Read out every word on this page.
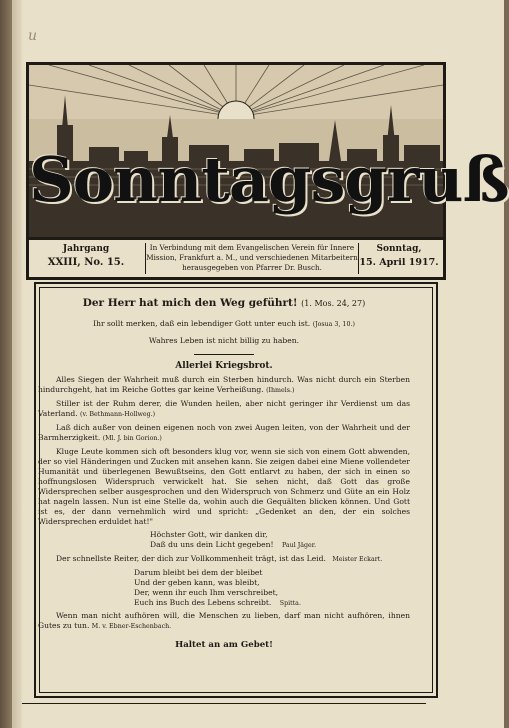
u
Sonntagsgruß
Jahrgang
XXIII, No. 15.
In Verbindung mit dem Evangelischen Verein für Innere
Mission, Frankfurt a. M., und verschiedenen Mitarbeitern
herausgegeben von Pfarrer Dr. Busch.
Sonntag,
15. April 1917.
Der Herr hat mich den Weg geführt! (1. Mos. 24, 27)
Ihr sollt merken, daß ein lebendiger Gott unter euch ist. (Josua 3, 10.)
Wahres Leben ist nicht billig zu haben.
Allerlei Kriegsbrot.

Alles Siegen der Wahrheit muß durch ein Sterben hindurch. Was nicht durch ein Sterben hindurchgeht, hat im Reiche Gottes gar keine Verheißung. (Ihmels.)

Stiller ist der Ruhm derer, die Wunden heilen, aber nicht geringer ihr Verdienst um das Vaterland. (v. Bethmann-Hollweg.)

Laß dich außer von deinen eigenen noch von zwei Augen leiten, von der Wahrheit und der Barmherzigkeit. (Ml. J. bin Gorion.)

Kluge Leute kommen sich oft besonders klug vor, wenn sie sich von einem Gott abwenden, der so viel Händeringen und Zucken mit ansehen kann. Sie zeigen dabei eine Miene vollendeter Humanität und überlegenen Bewußtseins, den Gott entlarvt zu haben, der sich in einen so hoffnungslosen Widerspruch verwickelt hat. Sie sehen nicht, daß Gott das große Widersprechen selber ausgesprochen und den Widerspruch von Schmerz und Güte an ein Holz hat nageln lassen. Nun ist eine Stelle da, wohin auch die Gequälten blicken können. Und Gott ist es, der dann vernehmlich wird und spricht: „Gedenket an den, der ein solches Widersprechen erduldet hat!"

Höchster Gott, wir danken dir,
Daß du uns dein Licht gegeben! Paul Jäger.

Der schnellste Reiter, der dich zur Vollkommenheit trägt, ist das Leid. Meister Eckart.

Darum bleibt bei dem der bleibet
Und der geben kann, was bleibt,
Der, wenn ihr euch Ihm verschreibet,
Euch ins Buch des Lebens schreibt. Spitta.

Wenn man nicht aufhören will, die Menschen zu lieben, darf man nicht aufhören, ihnen Gutes zu tun. M. v. Ebner-Eschenbach.

Haltet an am Gebet!
